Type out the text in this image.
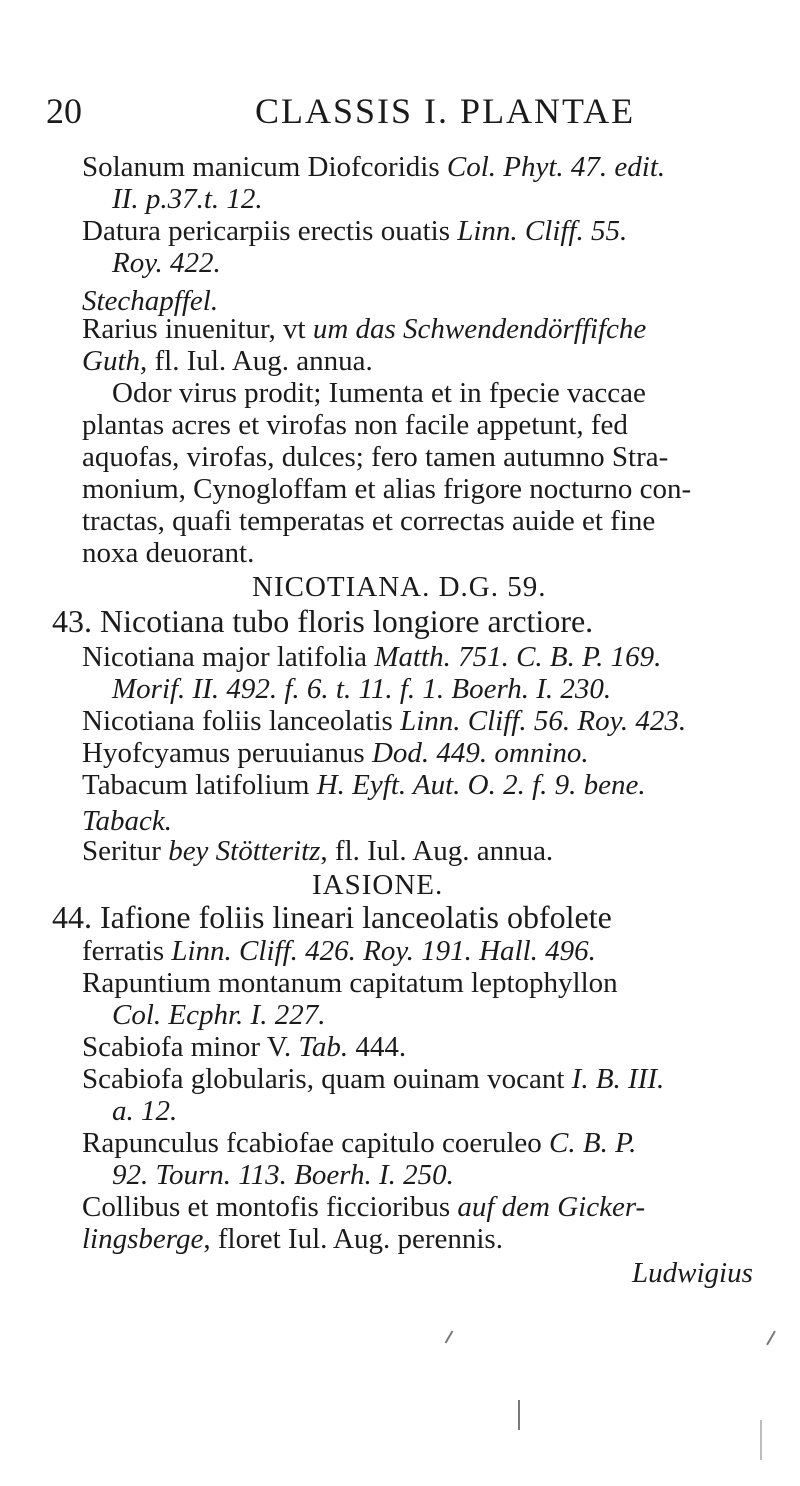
20	CLASSIS I. PLANTAE
Solanum manicum Diofcoridis Col. Phyt. 47. edit.
II. p.37.t. 12.
Datura pericarpiis erectis ouatis Linn. Cliff. 55.
Roy. 422.
Stechapffel.
Rarius inuenitur, vt um das Schwendendörffifche
Guth, fl. Iul. Aug. annua.
Odor virus prodit; Iumenta et in fpecie vaccae
plantas acres et virofas non facile appetunt, fed
aquofas, virofas, dulces; fero tamen autumno Stra-
monium, Cynogloffam et alias frigore nocturno con-
tractas, quafi temperatas et correctas auide et fine
noxa deuorant.
NICOTIANA. D.G. 59.
43. Nicotiana tubo floris longiore arctiore.
Nicotiana major latifolia Matth. 751. C. B. P. 169.
Morif. II. 492. f. 6. t. 11. f. 1. Boerh. I. 230.
Nicotiana foliis lanceolatis Linn. Cliff. 56. Roy. 423.
Hyofcyamus peruuianus Dod. 449. omnino.
Tabacum latifolium H. Eyft. Aut. O. 2. f. 9. bene.
Taback.
Seritur bey Stötteritz, fl. Iul. Aug. annua.
IASIONE.
44. Iafione foliis lineari lanceolatis obfolete
ferratis Linn. Cliff. 426. Roy. 191. Hall. 496.
Rapuntium montanum capitatum leptophyllon
Col. Ecphr. I. 227.
Scabiofa minor V. Tab. 444.
Scabiofa globularis, quam ouinam vocant I. B. III.
a. 12.
Rapunculus fcabiofae capitulo coeruleo C. B. P.
92. Tourn. 113. Boerh. I. 250.
Collibus et montofis ficcioribus auf dem Gicker-
lingsberge, floret Iul. Aug. perennis.
Ludwigius
